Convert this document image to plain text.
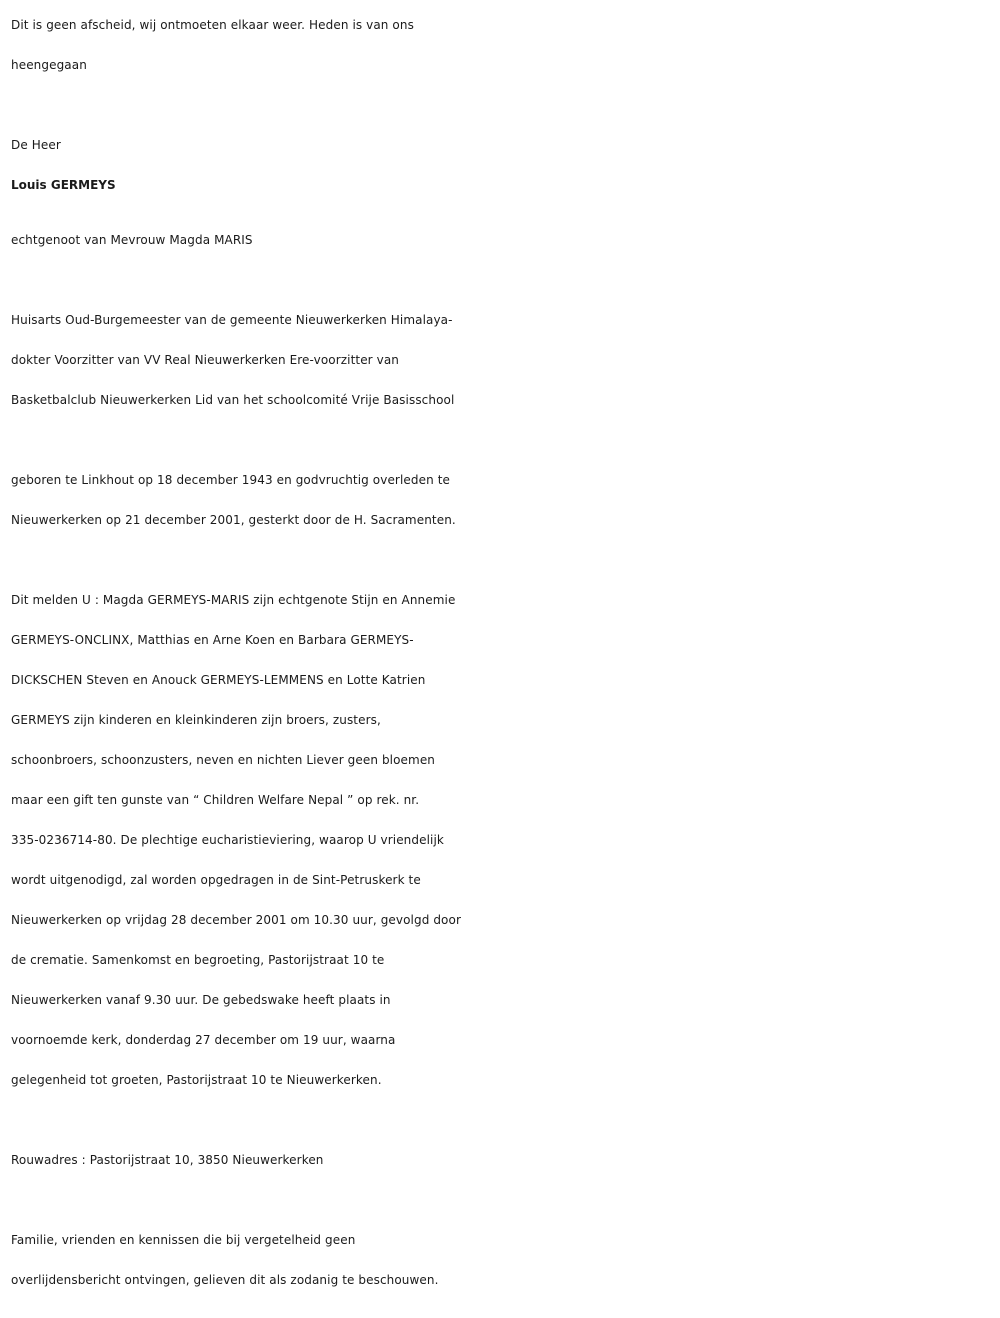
Dit is geen afscheid, wij ontmoeten elkaar weer. Heden is van ons
heengegaan
De Heer
Louis GERMEYS
echtgenoot van Mevrouw Magda MARIS
Huisarts Oud-Burgemeester van de gemeente Nieuwerkerken Himalaya-
dokter Voorzitter van VV Real Nieuwerkerken Ere-voorzitter van
Basketbalclub Nieuwerkerken Lid van het schoolcomité Vrije Basisschool
geboren te Linkhout op 18 december 1943 en godvruchtig overleden te
Nieuwerkerken op 21 december 2001, gesterkt door de H. Sacramenten.
Dit melden U : Magda GERMEYS-MARIS zijn echtgenote Stijn en Annemie
GERMEYS-ONCLINX, Matthias en Arne Koen en Barbara GERMEYS-
DICKSCHEN Steven en Anouck GERMEYS-LEMMENS en Lotte Katrien
GERMEYS zijn kinderen en kleinkinderen zijn broers, zusters,
schoonbroers, schoonzusters, neven en nichten Liever geen bloemen
maar een gift ten gunste van “ Children Welfare Nepal ” op rek. nr.
335-0236714-80. De plechtige eucharistieviering, waarop U vriendelijk
wordt uitgenodigd, zal worden opgedragen in de Sint-Petruskerk te
Nieuwerkerken op vrijdag 28 december 2001 om 10.30 uur, gevolgd door
de crematie. Samenkomst en begroeting, Pastorijstraat 10 te
Nieuwerkerken vanaf 9.30 uur. De gebedswake heeft plaats in
voornoemde kerk, donderdag 27 december om 19 uur, waarna
gelegenheid tot groeten, Pastorijstraat 10 te Nieuwerkerken.
Rouwadres : Pastorijstraat 10, 3850 Nieuwerkerken
Familie, vrienden en kennissen die bij vergetelheid geen
overlijdensbericht ontvingen, gelieven dit als zodanig te beschouwen.
